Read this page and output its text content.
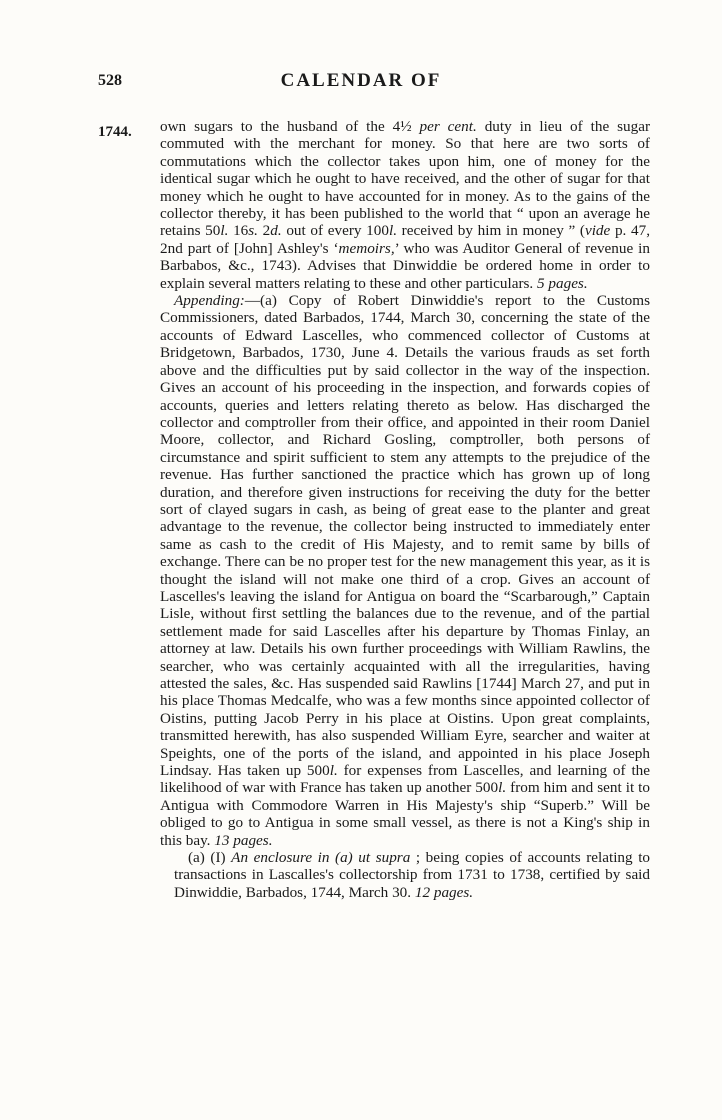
528	CALENDAR OF
1744. own sugars to the husband of the 4½ per cent. duty in lieu of the sugar commuted with the merchant for money. So that here are two sorts of commutations which the collector takes upon him, one of money for the identical sugar which he ought to have received, and the other of sugar for that money which he ought to have accounted for in money. As to the gains of the collector thereby, it has been published to the world that “ upon an average he retains 50l. 16s. 2d. out of every 100l. received by him in money ” (vide p. 47, 2nd part of [John] Ashley's ‘memoirs,’ who was Auditor General of revenue in Barbabos, &c., 1743). Advises that Dinwiddie be ordered home in order to explain several matters relating to these and other particulars. 5 pages.

Appending:—(a) Copy of Robert Dinwiddie's report to the Customs Commissioners, dated Barbados, 1744, March 30, concerning the state of the accounts of Edward Lascelles, who commenced collector of Customs at Bridgetown, Barbados, 1730, June 4. Details the various frauds as set forth above and the difficulties put by said collector in the way of the inspection. Gives an account of his proceeding in the inspection, and forwards copies of accounts, queries and letters relating thereto as below. Has discharged the collector and comptroller from their office, and appointed in their room Daniel Moore, collector, and Richard Gosling, comptroller, both persons of circumstance and spirit sufficient to stem any attempts to the prejudice of the revenue. Has further sanctioned the practice which has grown up of long duration, and therefore given instructions for receiving the duty for the better sort of clayed sugars in cash, as being of great ease to the planter and great advantage to the revenue, the collector being instructed to immediately enter same as cash to the credit of His Majesty, and to remit same by bills of exchange. There can be no proper test for the new management this year, as it is thought the island will not make one third of a crop. Gives an account of Lascelles's leaving the island for Antigua on board the “Scarbarough,” Captain Lisle, without first settling the balances due to the revenue, and of the partial settlement made for said Lascelles after his departure by Thomas Finlay, an attorney at law. Details his own further proceedings with William Rawlins, the searcher, who was certainly acquainted with all the irregularities, having attested the sales, &c. Has suspended said Rawlins [1744] March 27, and put in his place Thomas Medcalfe, who was a few months since appointed collector of Oistins, putting Jacob Perry in his place at Oistins. Upon great complaints, transmitted herewith, has also suspended William Eyre, searcher and waiter at Speights, one of the ports of the island, and appointed in his place Joseph Lindsay. Has taken up 500l. for expenses from Lascelles, and learning of the likelihood of war with France has taken up another 500l. from him and sent it to Antigua with Commodore Warren in His Majesty's ship “Superb.” Will be obliged to go to Antigua in some small vessel, as there is not a King's ship in this bay. 13 pages.

(a) (I) An enclosure in (a) ut supra ; being copies of accounts relating to transactions in Lascalles's collectorship from 1731 to 1738, certified by said Dinwiddie, Barbados, 1744, March 30. 12 pages.
